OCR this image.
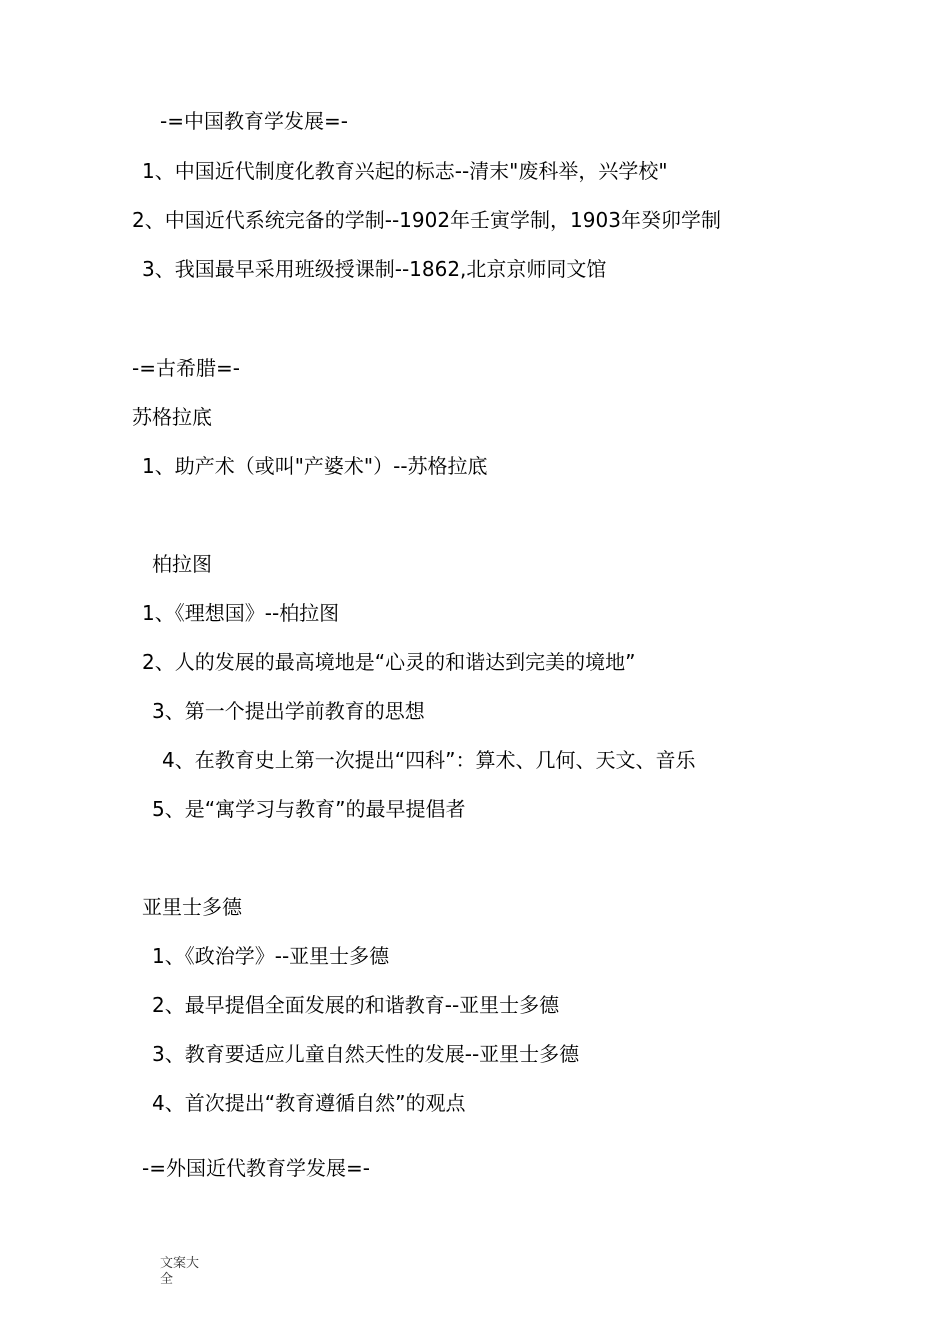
-=中国教育学发展=-
1、中国近代制度化教育兴起的标志--清末"废科举，兴学校"
2、中国近代系统完备的学制--1902年壬寅学制，1903年癸卯学制
3、我国最早采用班级授课制--1862,北京京师同文馆
-=古希腊=-
苏格拉底
1、助产术（或叫"产婆术"）--苏格拉底
柏拉图
1、《理想国》--柏拉图
2、人的发展的最高境地是“心灵的和谐达到完美的境地”
3、第一个提出学前教育的思想
4、在教育史上第一次提出“四科”：算术、几何、天文、音乐
5、是“寓学习与教育”的最早提倡者
亚里士多德
1、《政治学》--亚里士多德
2、最早提倡全面发展的和谐教育--亚里士多德
3、教育要适应儿童自然天性的发展--亚里士多德
4、首次提出“教育遵循自然”的观点
-=外国近代教育学发展=-
文案大全
